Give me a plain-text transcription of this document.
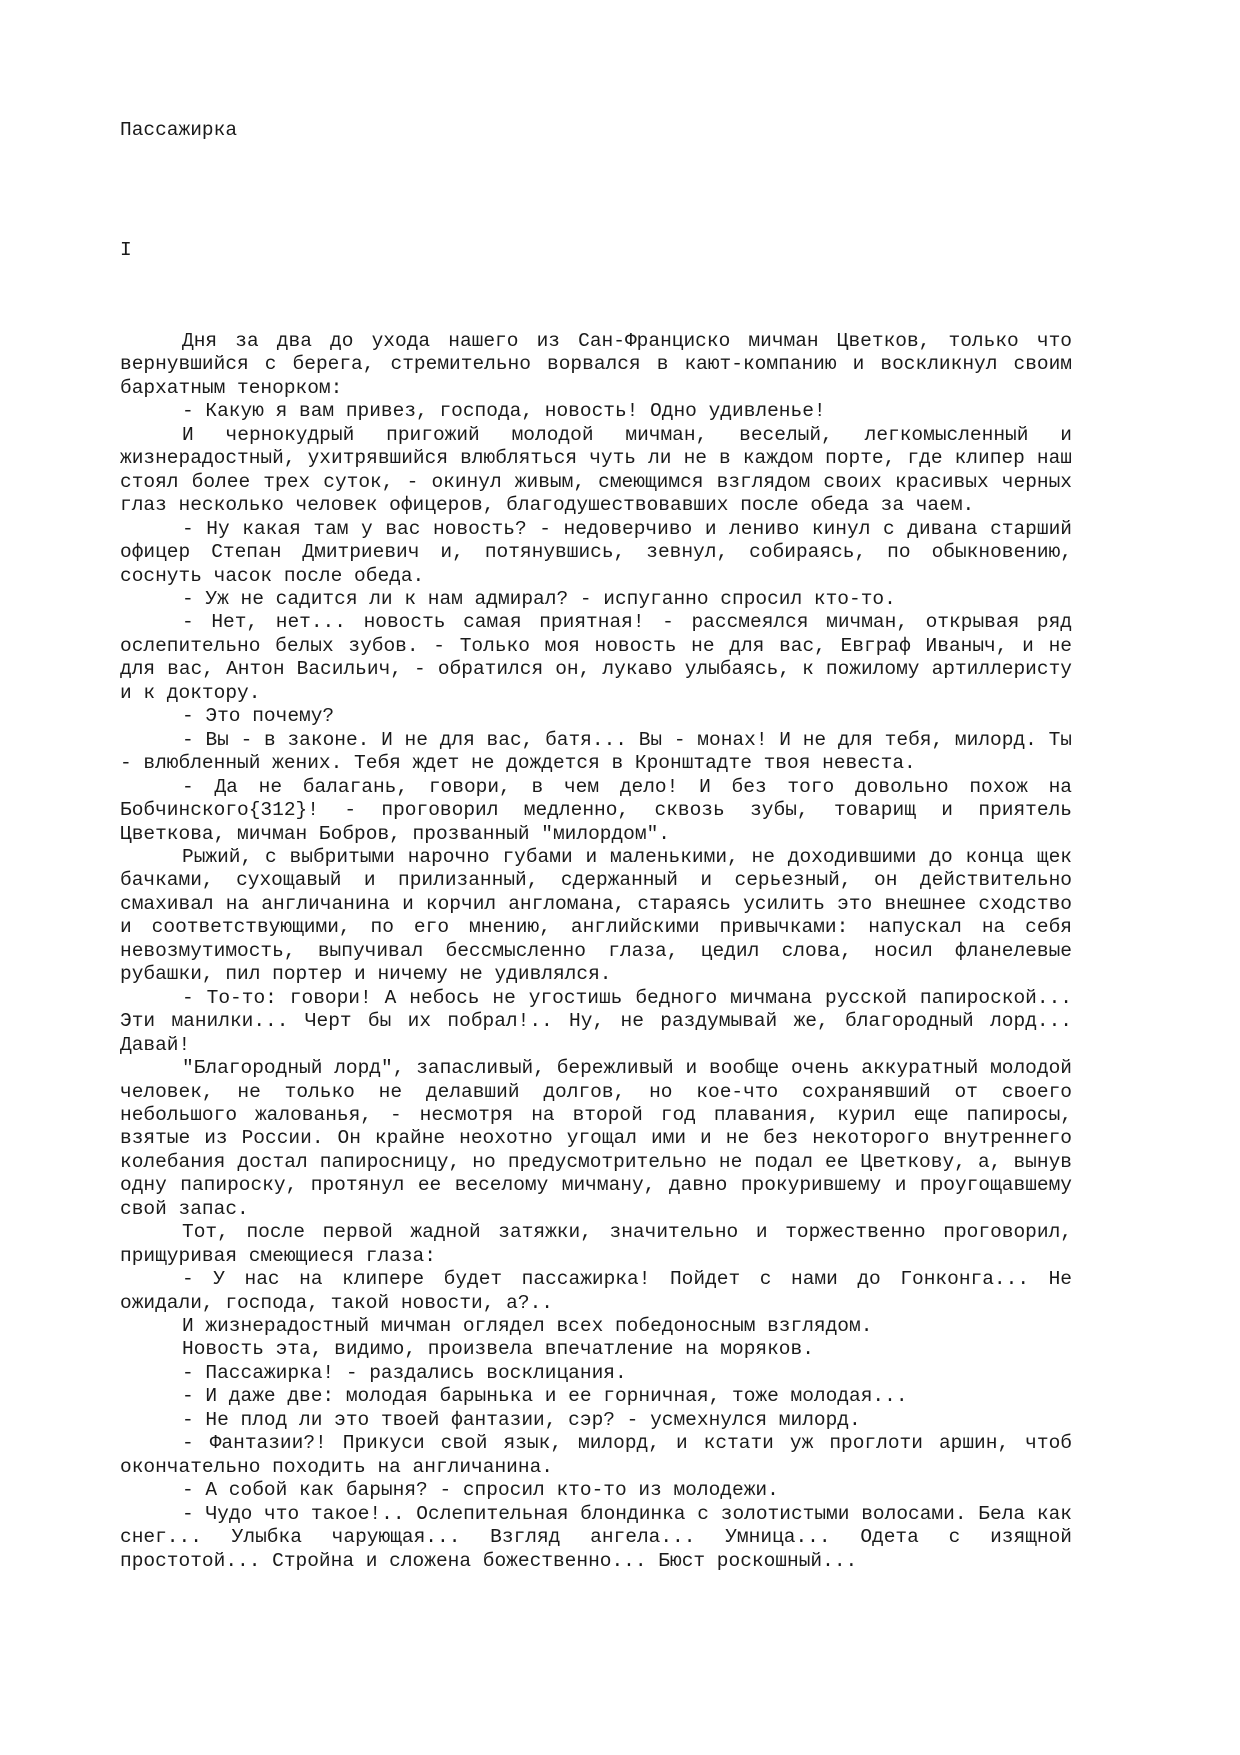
Пассажирка
I

Дня за два до ухода нашего из Сан-Франциско мичман Цветков, только что вернувшийся с берега, стремительно ворвался в кают-компанию и воскликнул своим бархатным тенорком:

- Какую я вам привез, господа, новость! Одно удивленье!

И чернокудрый пригожий молодой мичман, веселый, легкомысленный и жизнерадостный, ухитрявшийся влюбляться чуть ли не в каждом порте, где клипер наш стоял более трех суток, - окинул живым, смеющимся взглядом своих красивых черных глаз несколько человек офицеров, благодушествовавших после обеда за чаем.

- Ну какая там у вас новость? - недоверчиво и лениво кинул с дивана старший офицер Степан Дмитриевич и, потянувшись, зевнул, собираясь, по обыкновению, соснуть часок после обеда.

- Уж не садится ли к нам адмирал? - испуганно спросил кто-то.

- Нет, нет... новость самая приятная! - рассмеялся мичман, открывая ряд ослепительно белых зубов. - Только моя новость не для вас, Евграф Иваныч, и не для вас, Антон Васильич, - обратился он, лукаво улыбаясь, к пожилому артиллеристу и к доктору.

- Это почему?

- Вы - в законе. И не для вас, батя... Вы - монах! И не для тебя, милорд. Ты - влюбленный жених. Тебя ждет не дождется в Кронштадте твоя невеста.

- Да не балагань, говори, в чем дело! И без того довольно похож на Бобчинского{312}! - проговорил медленно, сквозь зубы, товарищ и приятель Цветкова, мичман Бобров, прозванный "милордом".

Рыжий, с выбритыми нарочно губами и маленькими, не доходившими до конца щек бачками, сухощавый и прилизанный, сдержанный и серьезный, он действительно смахивал на англичанина и корчил англомана, стараясь усилить это внешнее сходство и соответствующими, по его мнению, английскими привычками: напускал на себя невозмутимость, выпучивал бессмысленно глаза, цедил слова, носил фланелевые рубашки, пил портер и ничему не удивлялся.

- То-то: говори! А небось не угостишь бедного мичмана русской папироской... Эти манилки... Черт бы их побрал!.. Ну, не раздумывай же, благородный лорд... Давай!

"Благородный лорд", запасливый, бережливый и вообще очень аккуратный молодой человек, не только не делавший долгов, но кое-что сохранявший от своего небольшого жалованья, - несмотря на второй год плавания, курил еще папиросы, взятые из России. Он крайне неохотно угощал ими и не без некоторого внутреннего колебания достал папиросницу, но предусмотрительно не подал ее Цветкову, а, вынув одну папироску, протянул ее веселому мичману, давно прокурившему и проугощавшему свой запас.

Тот, после первой жадной затяжки, значительно и торжественно проговорил, прищуривая смеющиеся глаза:

- У нас на клипере будет пассажирка! Пойдет с нами до Гонконга... Не ожидали, господа, такой новости, а?..

И жизнерадостный мичман оглядел всех победоносным взглядом.

Новость эта, видимо, произвела впечатление на моряков.

- Пассажирка! - раздались восклицания.

- И даже две: молодая барынька и ее горничная, тоже молодая...

- Не плод ли это твоей фантазии, сэр? - усмехнулся милорд.

- Фантазии?! Прикуси свой язык, милорд, и кстати уж проглоти аршин, чтоб окончательно походить на англичанина.

- А собой как барыня? - спросил кто-то из молодежи.

- Чудо что такое!.. Ослепительная блондинка с золотистыми волосами. Бела как снег... Улыбка чарующая... Взгляд ангела... Умница... Одета с изящной простотой... Стройна и сложена божественно... Бюст роскошный...
